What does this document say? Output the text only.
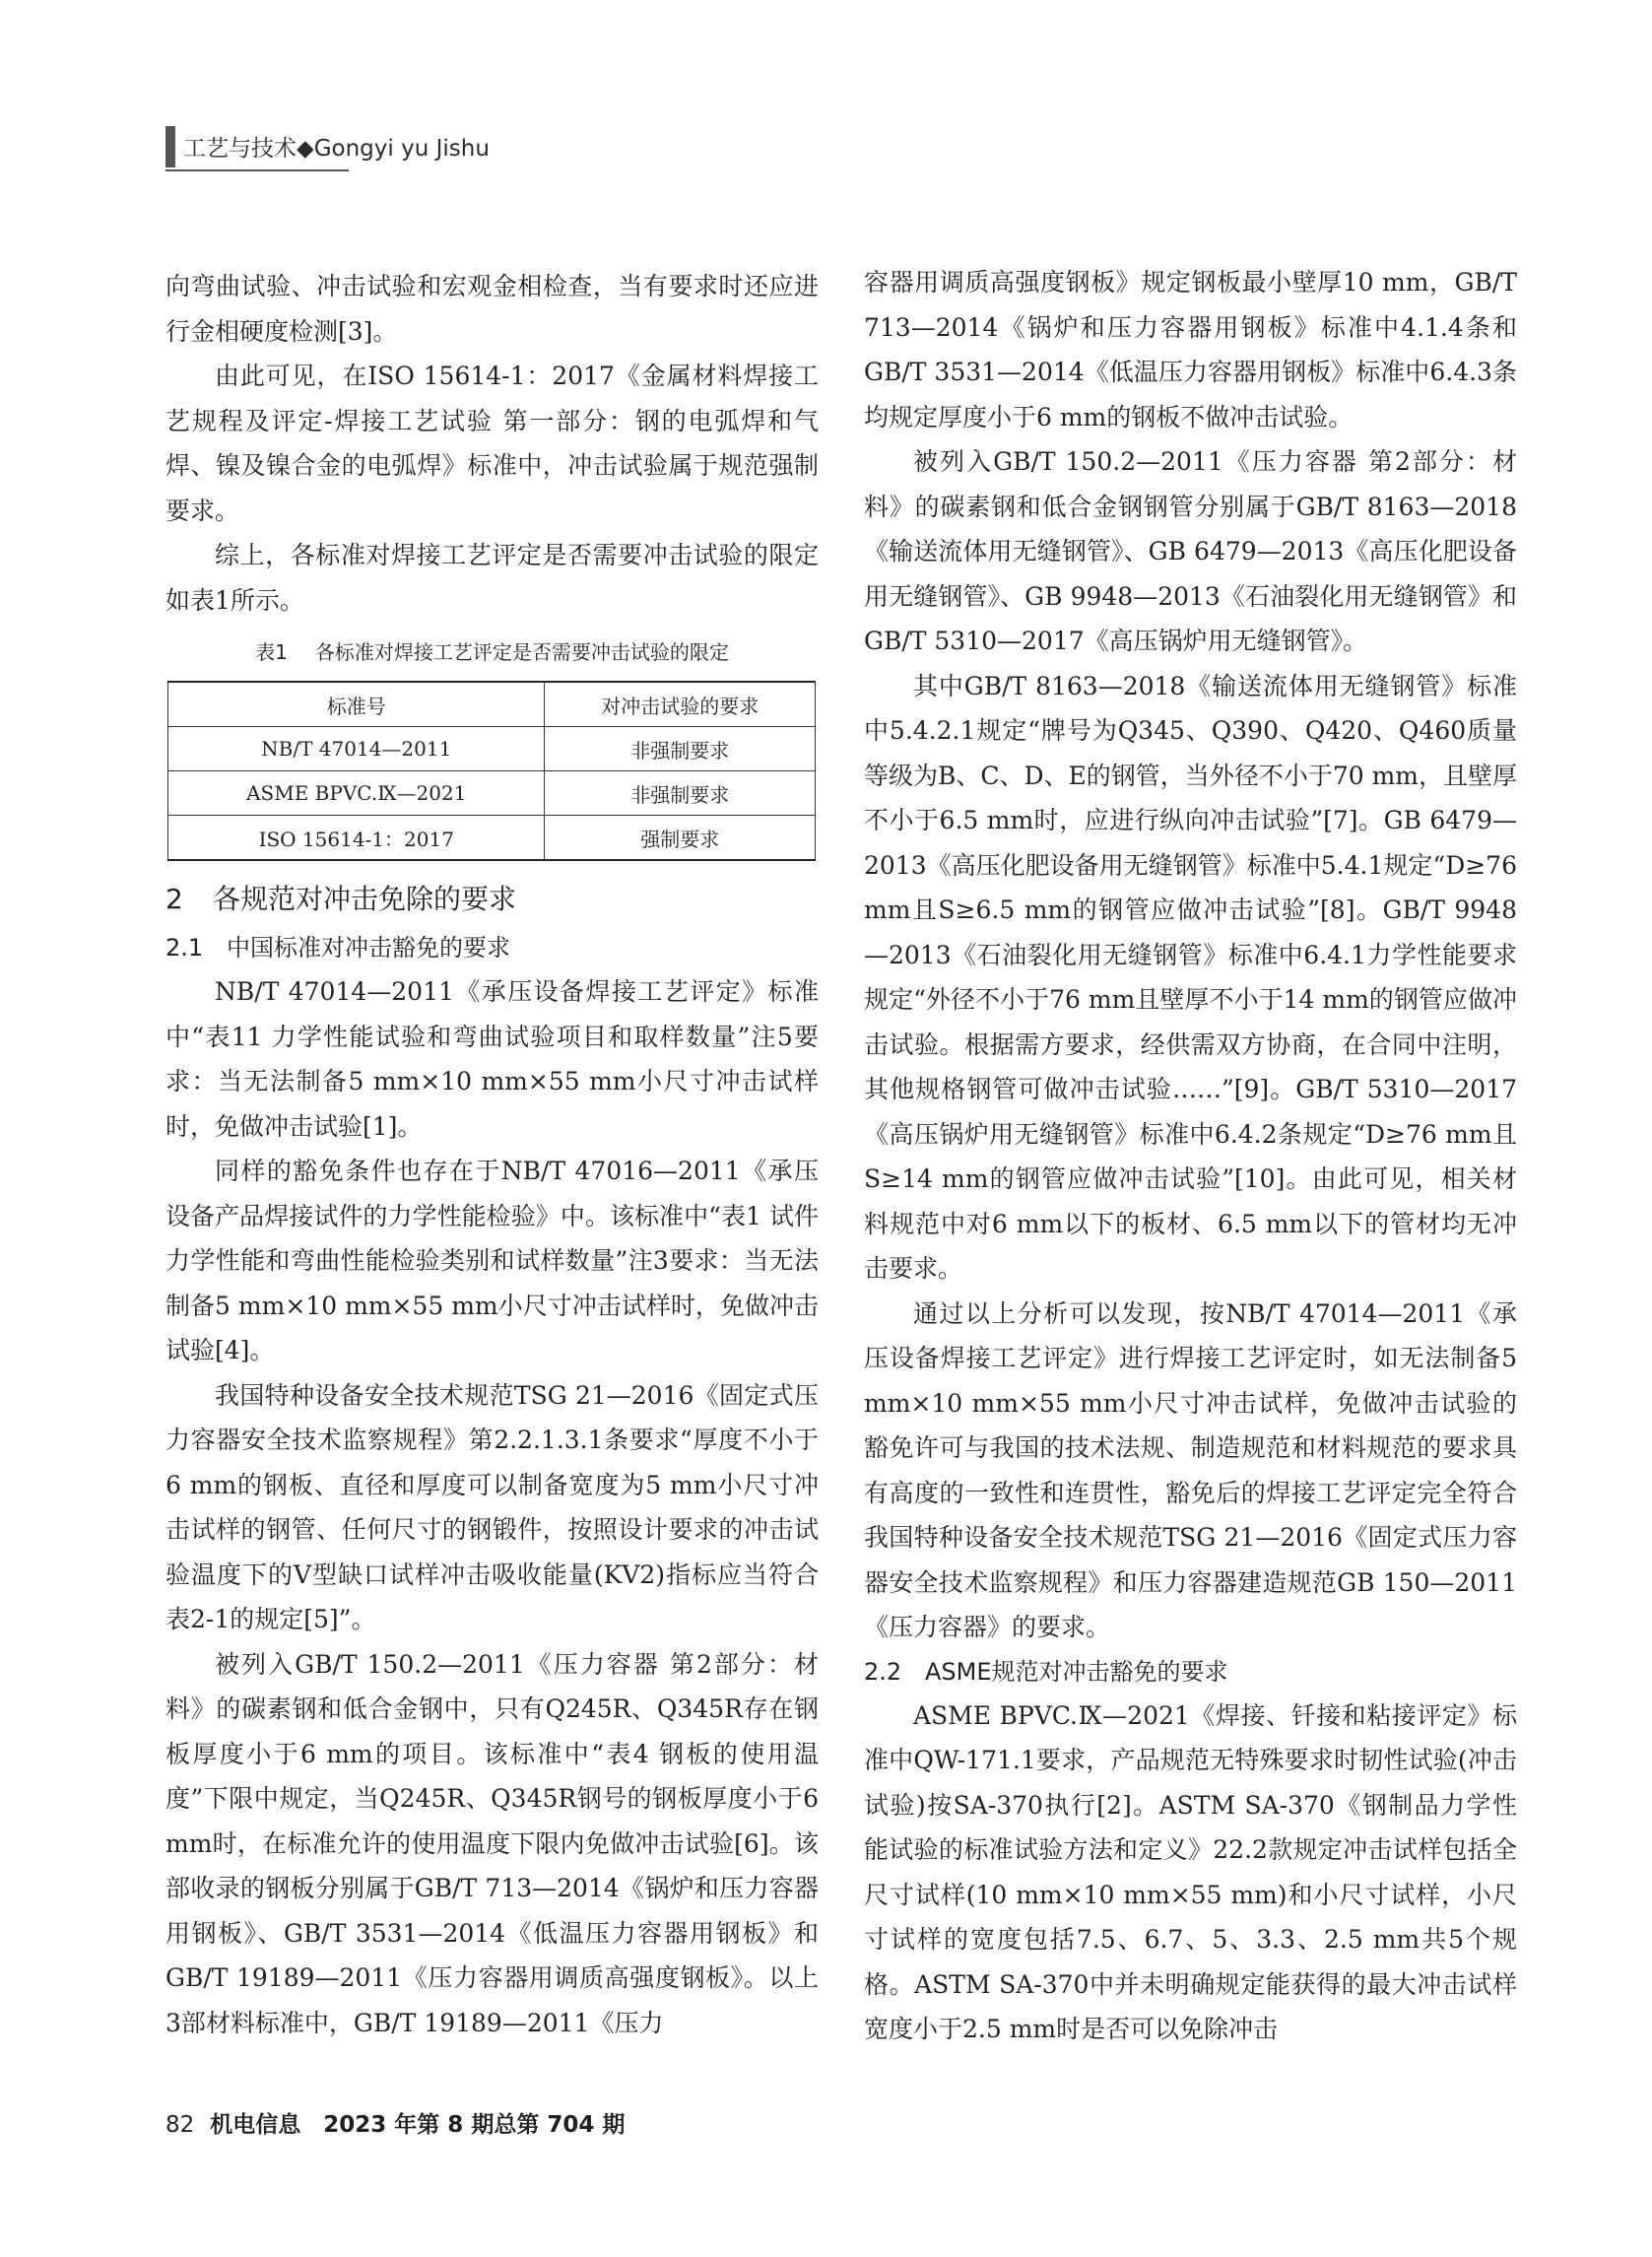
工艺与技术◆Gongyi yu Jishu

向弯曲试验、冲击试验和宏观金相检查，当有要求时还应进行金相硬度检测[3]。

由此可见，在ISO 15614-1：2017《金属材料焊接工艺规程及评定-焊接工艺试验 第一部分：钢的电弧焊和气焊、镍及镍合金的电弧焊》标准中，冲击试验属于规范强制要求。

综上，各标准对焊接工艺评定是否需要冲击试验的限定如表1所示。

表1 各标准对焊接工艺评定是否需要冲击试验的限定
标准号	对冲击试验的要求
NB/T 47014—2011	非强制要求
ASME BPVC.Ⅸ—2021	非强制要求
ISO 15614-1：2017	强制要求
2 各规范对冲击免除的要求
2.1 中国标准对冲击豁免的要求

NB/T 47014—2011《承压设备焊接工艺评定》标准中“表11 力学性能试验和弯曲试验项目和取样数量”注5要求：当无法制备5 mm×10 mm×55 mm小尺寸冲击试样时，免做冲击试验[1]。

同样的豁免条件也存在于NB/T 47016—2011《承压设备产品焊接试件的力学性能检验》中。该标准中“表1 试件力学性能和弯曲性能检验类别和试样数量”注3要求：当无法制备5 mm×10 mm×55 mm小尺寸冲击试样时，免做冲击试验[4]。

我国特种设备安全技术规范TSG 21—2016《固定式压力容器安全技术监察规程》第2.2.1.3.1条要求“厚度不小于6 mm的钢板、直径和厚度可以制备宽度为5 mm小尺寸冲击试样的钢管、任何尺寸的钢锻件，按照设计要求的冲击试验温度下的V型缺口试样冲击吸收能量(KV2)指标应当符合表2-1的规定[5]”。

被列入GB/T 150.2—2011《压力容器 第2部分：材料》的碳素钢和低合金钢中，只有Q245R、Q345R存在钢板厚度小于6 mm的项目。该标准中“表4 钢板的使用温度”下限中规定，当Q245R、Q345R钢号的钢板厚度小于6 mm时，在标准允许的使用温度下限内免做冲击试验[6]。该部收录的钢板分别属于GB/T 713—2014《锅炉和压力容器用钢板》、GB/T 3531—2014《低温压力容器用钢板》和GB/T 19189—2011《压力容器用调质高强度钢板》。以上3部材料标准中，GB/T 19189—2011《压力

容器用调质高强度钢板》规定钢板最小壁厚10 mm，GB/T 713—2014《锅炉和压力容器用钢板》标准中4.1.4条和GB/T 3531—2014《低温压力容器用钢板》标准中6.4.3条均规定厚度小于6 mm的钢板不做冲击试验。

被列入GB/T 150.2—2011《压力容器 第2部分：材料》的碳素钢和低合金钢钢管分别属于GB/T 8163—2018《输送流体用无缝钢管》、GB 6479—2013《高压化肥设备用无缝钢管》、GB 9948—2013《石油裂化用无缝钢管》和GB/T 5310—2017《高压锅炉用无缝钢管》。

其中GB/T 8163—2018《输送流体用无缝钢管》标准中5.4.2.1规定“牌号为Q345、Q390、Q420、Q460质量等级为B、C、D、E的钢管，当外径不小于70 mm，且壁厚不小于6.5 mm时，应进行纵向冲击试验”[7]。GB 6479—2013《高压化肥设备用无缝钢管》标准中5.4.1规定“D≥76 mm且S≥6.5 mm的钢管应做冲击试验”[8]。GB/T 9948—2013《石油裂化用无缝钢管》标准中6.4.1力学性能要求规定“外径不小于76 mm且壁厚不小于14 mm的钢管应做冲击试验。根据需方要求，经供需双方协商，在合同中注明，其他规格钢管可做冲击试验……”[9]。GB/T 5310—2017《高压锅炉用无缝钢管》标准中6.4.2条规定“D≥76 mm且S≥14 mm的钢管应做冲击试验”[10]。由此可见，相关材料规范中对6 mm以下的板材、6.5 mm以下的管材均无冲击要求。

通过以上分析可以发现，按NB/T 47014—2011《承压设备焊接工艺评定》进行焊接工艺评定时，如无法制备5 mm×10 mm×55 mm小尺寸冲击试样，免做冲击试验的豁免许可与我国的技术法规、制造规范和材料规范的要求具有高度的一致性和连贯性，豁免后的焊接工艺评定完全符合我国特种设备安全技术规范TSG 21—2016《固定式压力容器安全技术监察规程》和压力容器建造规范GB 150—2011《压力容器》的要求。

2.2 ASME规范对冲击豁免的要求

ASME BPVC.Ⅸ—2021《焊接、钎接和粘接评定》标准中QW-171.1要求，产品规范无特殊要求时韧性试验(冲击试验)按SA-370执行[2]。ASTM SA-370《钢制品力学性能试验的标准试验方法和定义》22.2款规定冲击试样包括全尺寸试样(10 mm×10 mm×55 mm)和小尺寸试样，小尺寸试样的宽度包括7.5、6.7、5、3.3、2.5 mm共5个规格。ASTM SA-370中并未明确规定能获得的最大冲击试样宽度小于2.5 mm时是否可以免除冲击

82 机电信息　2023 年第 8 期总第 704 期
